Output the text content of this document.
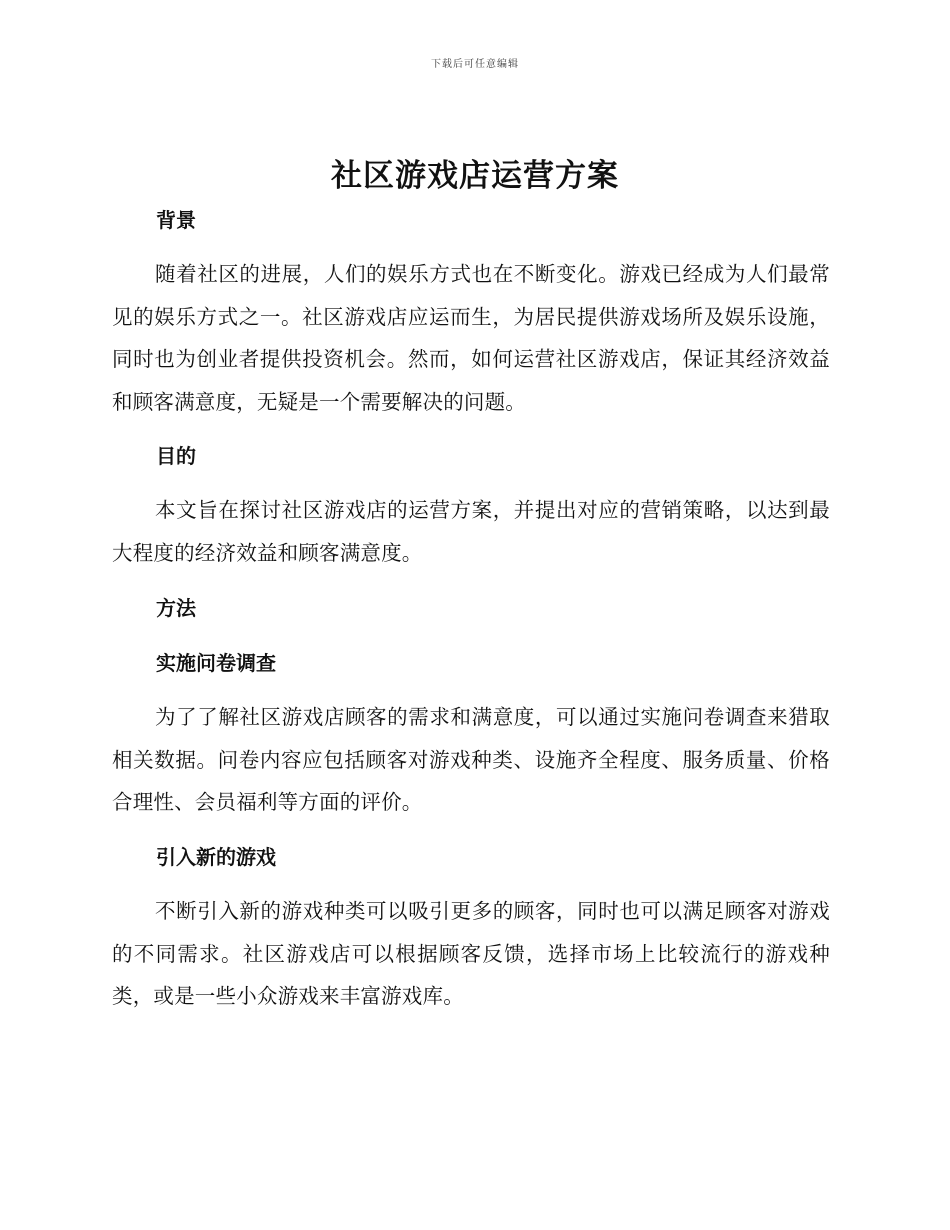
下载后可任意编辑
社区游戏店运营方案
背景

随着社区的进展，人们的娱乐方式也在不断变化。游戏已经成为人们最常见的娱乐方式之一。社区游戏店应运而生，为居民提供游戏场所及娱乐设施，同时也为创业者提供投资机会。然而，如何运营社区游戏店，保证其经济效益和顾客满意度，无疑是一个需要解决的问题。

目的

本文旨在探讨社区游戏店的运营方案，并提出对应的营销策略，以达到最大程度的经济效益和顾客满意度。

方法
实施问卷调查

为了了解社区游戏店顾客的需求和满意度，可以通过实施问卷调查来猎取相关数据。问卷内容应包括顾客对游戏种类、设施齐全程度、服务质量、价格合理性、会员福利等方面的评价。

引入新的游戏

不断引入新的游戏种类可以吸引更多的顾客，同时也可以满足顾客对游戏的不同需求。社区游戏店可以根据顾客反馈，选择市场上比较流行的游戏种类，或是一些小众游戏来丰富游戏库。
